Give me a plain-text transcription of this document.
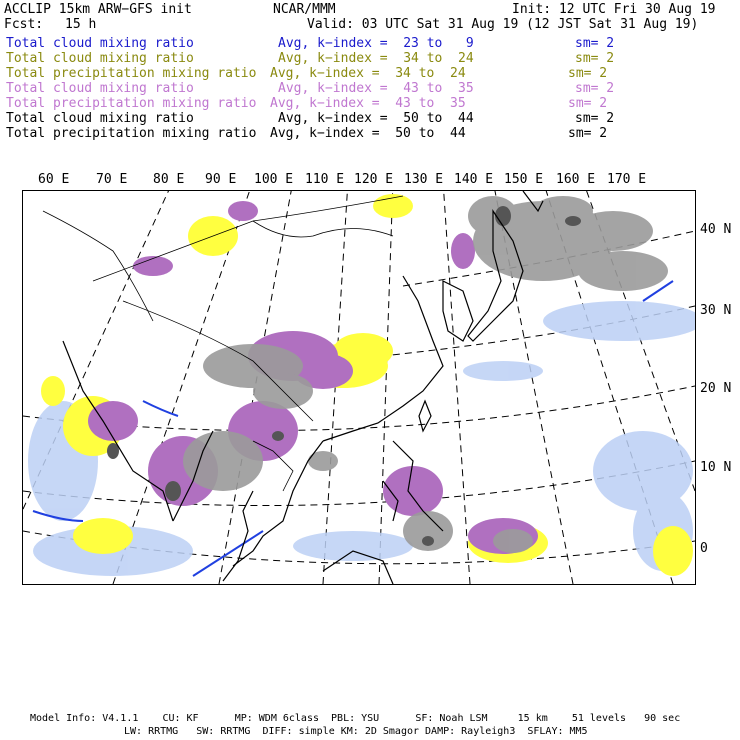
ACCLIP 15km ARW−GFS init	NCAR/MMM	Init: 12 UTC Fri 30 Aug 19
Fcst: 15 h	Valid: 03 UTC Sat 31 Aug 19 (12 JST Sat 31 Aug 19)
Total cloud mixing ratio	Avg, k−index =  23 to   9	sm= 2
Total cloud mixing ratio	Avg, k−index =  34 to  24	sm= 2
Total precipitation mixing ratio Avg, k−index =  34 to  24	sm= 2
Total cloud mixing ratio	Avg, k−index =  43 to  35	sm= 2
Total precipitation mixing ratio Avg, k−index =  43 to  35	sm= 2
Total cloud mixing ratio	Avg, k−index =  50 to  44	sm= 2
Total precipitation mixing ratio Avg, k−index =  50 to  44	sm= 2
60 E 70 E 80 E 90 E 100 E 110 E 120 E 130 E 140 E 150 E 160 E 170 E
40 N
30 N
20 N
10 N
0
Model Info: V4.1.1    CU: KF      MP: WDM 6class  PBL: YSU      SF: Noah LSM     15 km    51 levels   90 sec
LW: RRTMG   SW: RRTMG  DIFF: simple KM: 2D Smagor DAMP: Rayleigh3  SFLAY: MM5
